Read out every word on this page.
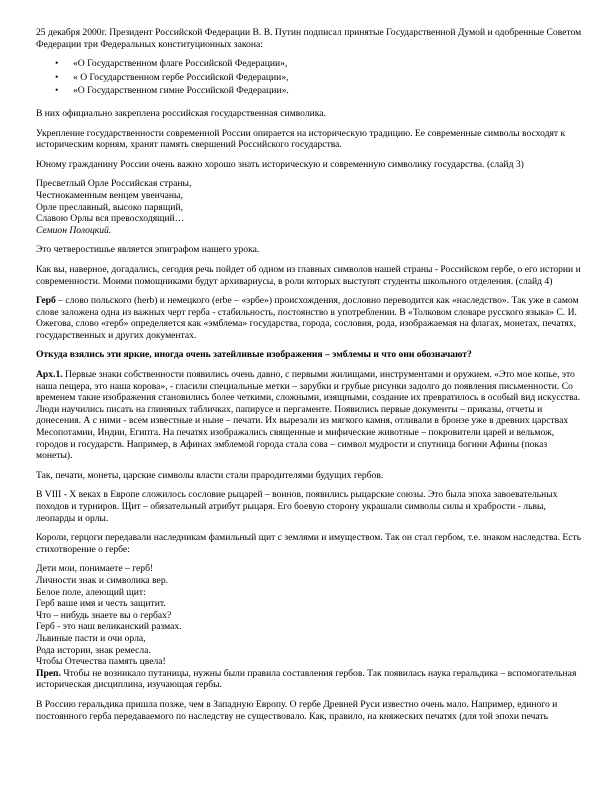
25 декабря 2000г. Президент Российской Федерации В. В. Путин подписал принятые Государственной Думой и одобренные Советом Федерации три Федеральных конституционных закона:

• «О Государственном флаге Российской Федерации»,
• « О Государственном гербе Российской Федерации»,
• «О Государственном гимне Российской Федерации».

В них официально закреплена российская государственная символика.

Укрепление государственности современной России опирается на историческую традицию. Ее современные символы восходят к историческим корням, хранят память свершений Российского государства.

Юному гражданину России очень важно хорошо знать историческую и современную символику государства. (слайд 3)

Пресветлый Орле Российская страны,
Честнокаменным венцем увенчаны,
Орле преславный, высоко парящий,
Славою Орлы вся превосходящий…
Семион Полоцкий.

Это четверостишье является эпиграфом нашего урока.

Как вы, наверное, догадались, сегодня речь пойдет об одном из главных символов нашей страны - Российском гербе, о его истории и современности. Моими помощниками будут архивариусы, в роли которых выступят студенты школьного отделения. (слайд 4)

Герб – слово польского (herb) и немецкого (erbe – «эрбе») происхождения, дословно переводится как «наследство». Так уже в самом слове заложена одна из важных черт герба - стабильность, постоянство в употреблении. В «Толковом словаре русского языка» С. И. Ожегова, слово «герб» определяется как «эмблема» государства, города, сословия, рода, изображаемая на флагах, монетах, печатях, государственных и других документах.

Откуда взялись эти яркие, иногда очень затейливые изображения – эмблемы и что они обозначают?

Арх.1. Первые знаки собственности появились очень давно, с первыми жилищами, инструментами и оружием. «Это мое копье, это наша пещера, это наша корова», - гласили специальные метки – зарубки и грубые рисунки задолго до появления письменности. Со временем такие изображения становились более четкими, сложными, изящными, создание их превратилось в особый вид искусства. Люди научились писать на глиняных табличках, папирусе и пергаменте. Появились первые документы – приказы, отчеты и донесения. А с ними - всем известные и ныне – печати. Их вырезали из мягкого камня, отливали в бронзе уже в древних царствах Месопотамии, Индии, Египта. На печатях изображались священные и мифические животные – покровители царей и вельмож, городов и государств. Например, в Афинах эмблемой города стала сова – символ мудрости и спутница богини Афины (показ монеты).

Так, печати, монеты, царские символы власти стали прародителями будущих гербов.

В VIII - X веках в Европе сложилось сословие рыцарей – воинов, появились рыцарские союзы. Это была эпоха завоевательных походов и турниров. Щит – обязательный атрибут рыцаря. Его боевую сторону украшали символы силы и храбрости - львы, леопарды и орлы.

Короли, герцоги передавали наследникам фамильный щит с землями и имуществом. Так он стал гербом, т.е. знаком наследства. Есть стихотворение о гербе:

Дети мои, понимаете – герб!
Личности знак и символика вер.
Белое поле, алеющий щит:
Герб ваше имя и честь защитит.
Что – нибудь знаете вы о гербах?
Герб - это наш великанский размах.
Львиные пасти и очи орла,
Рода истории, знак ремесла.
Чтобы Отечества память цвела!

Преп. Чтобы не возникало путаницы, нужны были правила составления гербов. Так появилась наука геральдика – вспомогательная историческая дисциплина, изучающая гербы.

В Россию геральдика пришла позже, чем в Западную Европу. О гербе Древней Руси известно очень мало. Например, единого и постоянного герба передаваемого по наследству не существовало. Как, правило, на княжеских печатях (для той эпохи печать
